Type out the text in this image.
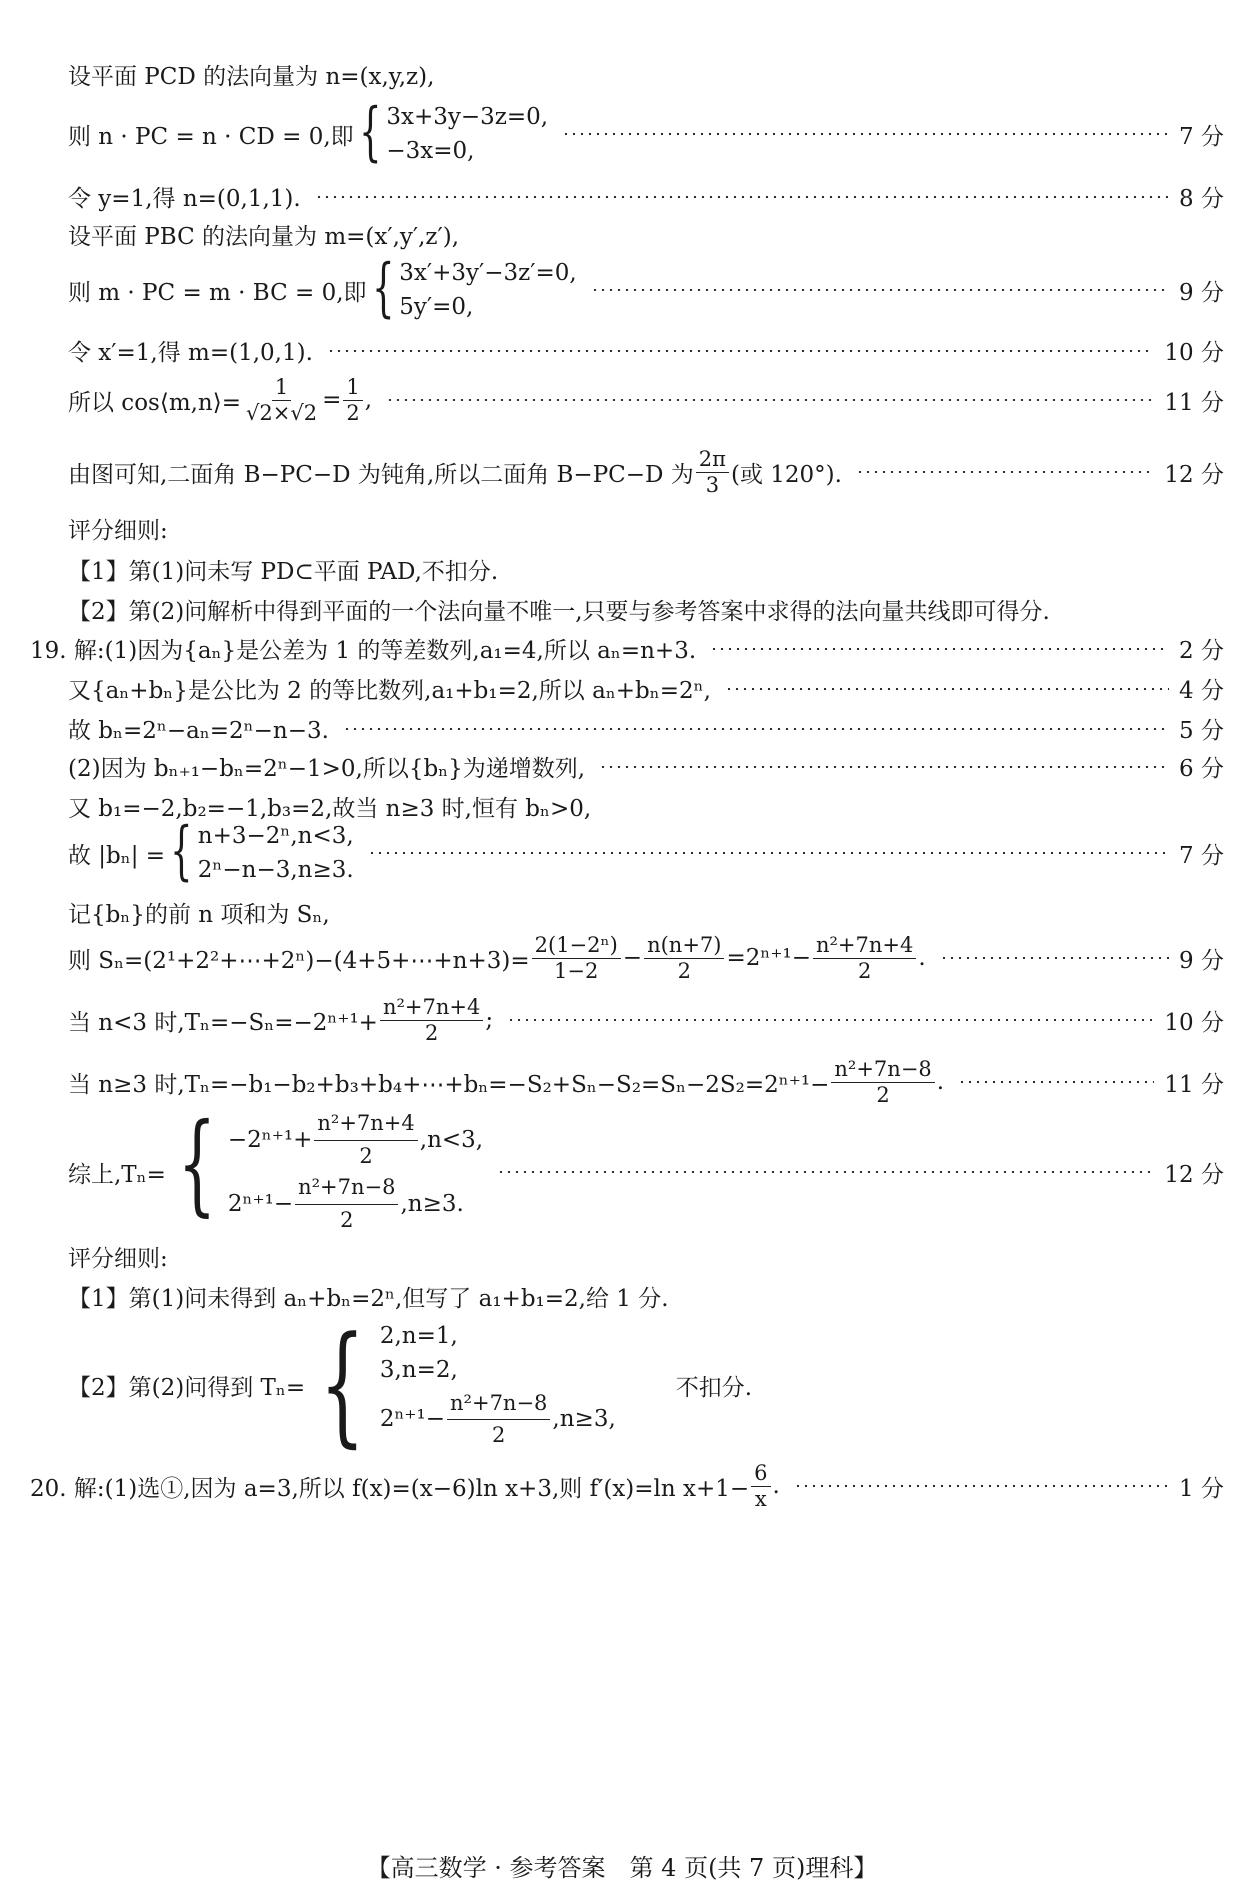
设平面 PCD 的法向量为 n=(x,y,z),
则 n · PC = n · CD = 0,即 { 3x+3y−3z=0,
−3x=0,
7 分
令 y=1,得 n=(0,1,1).	8 分
设平面 PBC 的法向量为 m=(x′,y′,z′),
则 m · PC = m · BC = 0,即 { 3x′+3y′−3z′=0,
5y′=0,
9 分
令 x′=1,得 m=(1,0,1).	10 分
所以 cos⟨m,n⟩= $\frac{1}{√2\times√2} = \frac{1}{2}$ ,	11 分
由图可知,二面角 B−PC−D 为钝角,所以二面角 B−PC−D 为 $\frac{2\pi}{3}$ (或 120°).	12 分
评分细则:
【1】第(1)问未写 PD⊂平面 PAD,不扣分.
【2】第(2)问解析中得到平面的一个法向量不唯一,只要与参考答案中求得的法向量共线即可得分.
19. 解:(1)因为{aₙ}是公差为 1 的等差数列,a₁=4,所以 aₙ=n+3.	2 分
又{aₙ+bₙ}是公比为 2 的等比数列,a₁+b₁=2,所以 aₙ+bₙ=2ⁿ,	4 分
故 bₙ=2ⁿ−aₙ=2ⁿ−n−3.	5 分
(2)因为 bₙ₊₁−bₙ=2ⁿ−1>0,所以{bₙ}为递增数列,	6 分
又 b₁=−2,b₂=−1,b₃=2,故当 n≥3 时,恒有 bₙ>0,
故 |bₙ| = { n+3−2ⁿ,n<3,
2ⁿ−n−3,n≥3.
7 分
记{bₙ}的前 n 项和为 Sₙ,
则 Sₙ=(2¹+2²+⋯+2ⁿ)−(4+5+⋯+n+3)= $\frac{\text{2(1−2ⁿ)}}{1-2} - \frac{n(n+7)}{2} =2^{n+1}- \frac{\text{n²+7n+4}}{2}$ .	9 分
当 n<3 时$,T_n=-S_n=-2^{n+1}+ \frac{\text{n²+7n+4}}{2}$ ;	10 分
当 n≥3 时,Tₙ=−b₁−b₂+b₃+b₄+⋯+bₙ=−S₂+Sₙ−S₂=Sₙ−2S₂=2ⁿ⁺¹− $\frac{\text{n²+7n−8}}{2}$ .	11 分
综上,Tₙ= { $-2^{n+1}+ \frac{\text{n²+7n+4}}{2} ,n<3$,
$2^{n+1}- \frac{\text{n²+7n−8}}{2} ,n\ge 3$.
12 分
评分细则:
【1】第(1)问未得到 aₙ+bₙ=2ⁿ,但写了 a₁+b₁=2,给 1 分.
【2】第(2)问得到 Tₙ= { 2,n=1,
3,n=2,
$2^{n+1}- \frac{\text{n²+7n−8}}{2} ,n\ge 3$,
不扣分.
20. 解:(1)选①,因为 a=3,所以 f(x)=(x−6)ln x+3,则 f′(x)=ln $x+1- \frac{6}{x}$ .	1 分
【高三数学 · 参考答案　第 4 页(共 7 页)理科】
